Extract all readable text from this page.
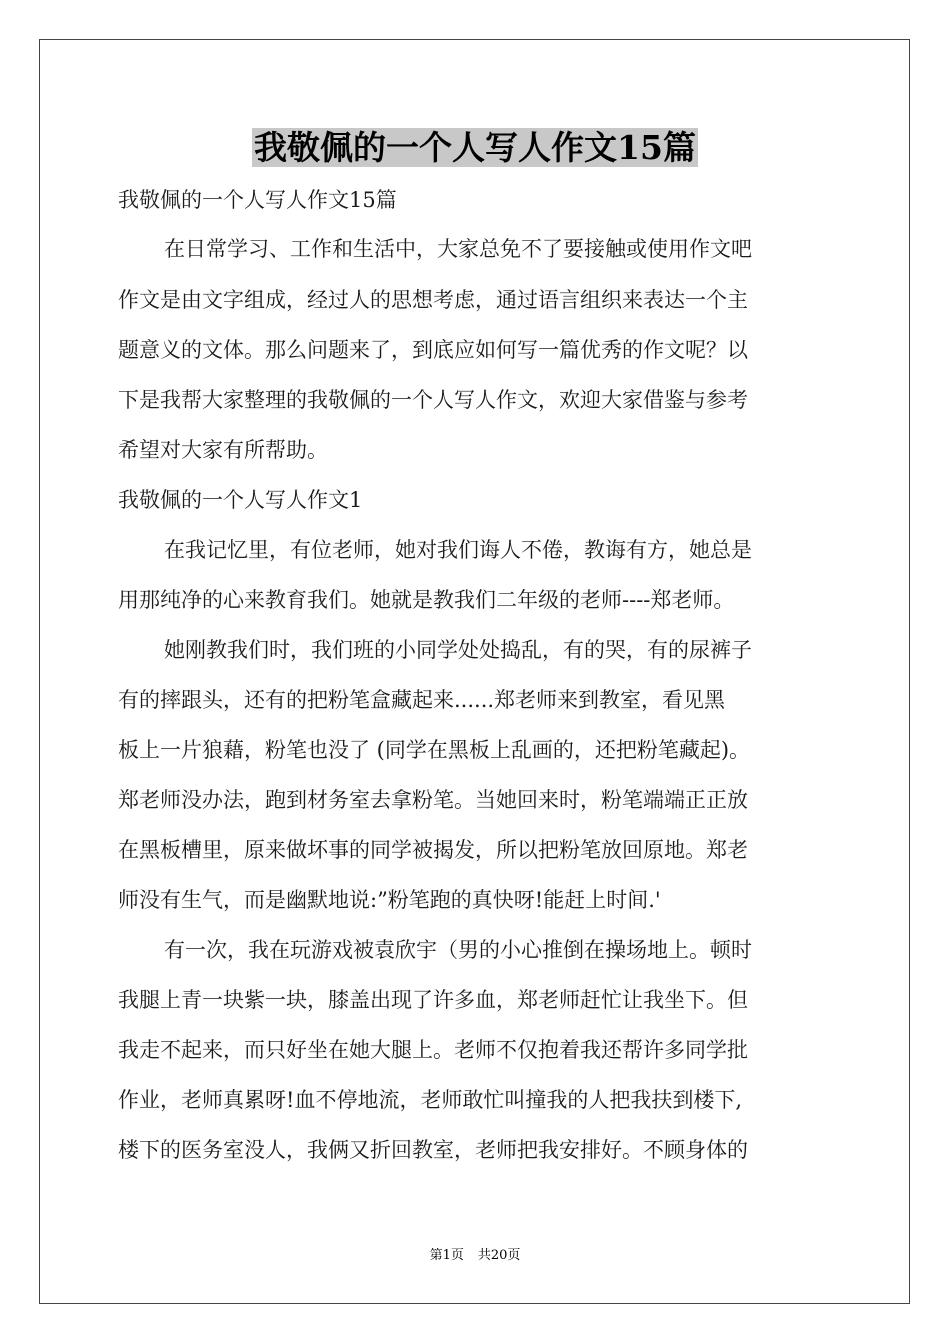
我敬佩的一个人写人作文15篇
我敬佩的一个人写人作文15篇
在日常学习、工作和生活中，大家总免不了要接触或使用作文吧
作文是由文字组成，经过人的思想考虑，通过语言组织来表达一个主
题意义的文体。那么问题来了，到底应如何写一篇优秀的作文呢？以
下是我帮大家整理的我敬佩的一个人写人作文，欢迎大家借鉴与参考
希望对大家有所帮助。
我敬佩的一个人写人作文1
在我记忆里，有位老师，她对我们诲人不倦，教诲有方，她总是
用那纯净的心来教育我们。她就是教我们二年级的老师----郑老师。
她刚教我们时，我们班的小同学处处捣乱，有的哭，有的尿裤子
有的摔跟头，还有的把粉笔盒藏起来......郑老师来到教室，看见黑
板上一片狼藉，粉笔也没了 (同学在黑板上乱画的，还把粉笔藏起)。
郑老师没办法，跑到材务室去拿粉笔。当她回来时，粉笔端端正正放
在黑板槽里，原来做坏事的同学被揭发，所以把粉笔放回原地。郑老
师没有生气，而是幽默地说:”粉笔跑的真快呀!能赶上时间.'
有一次，我在玩游戏被袁欣宇（男的小心推倒在操场地上。顿时
我腿上青一块紫一块，膝盖出现了许多血，郑老师赶忙让我坐下。但
我走不起来，而只好坐在她大腿上。老师不仅抱着我还帮许多同学批
作业，老师真累呀!血不停地流，老师敢忙叫撞我的人把我扶到楼下,
楼下的医务室没人，我俩又折回教室，老师把我安排好。不顾身体的
第1页 共20页
